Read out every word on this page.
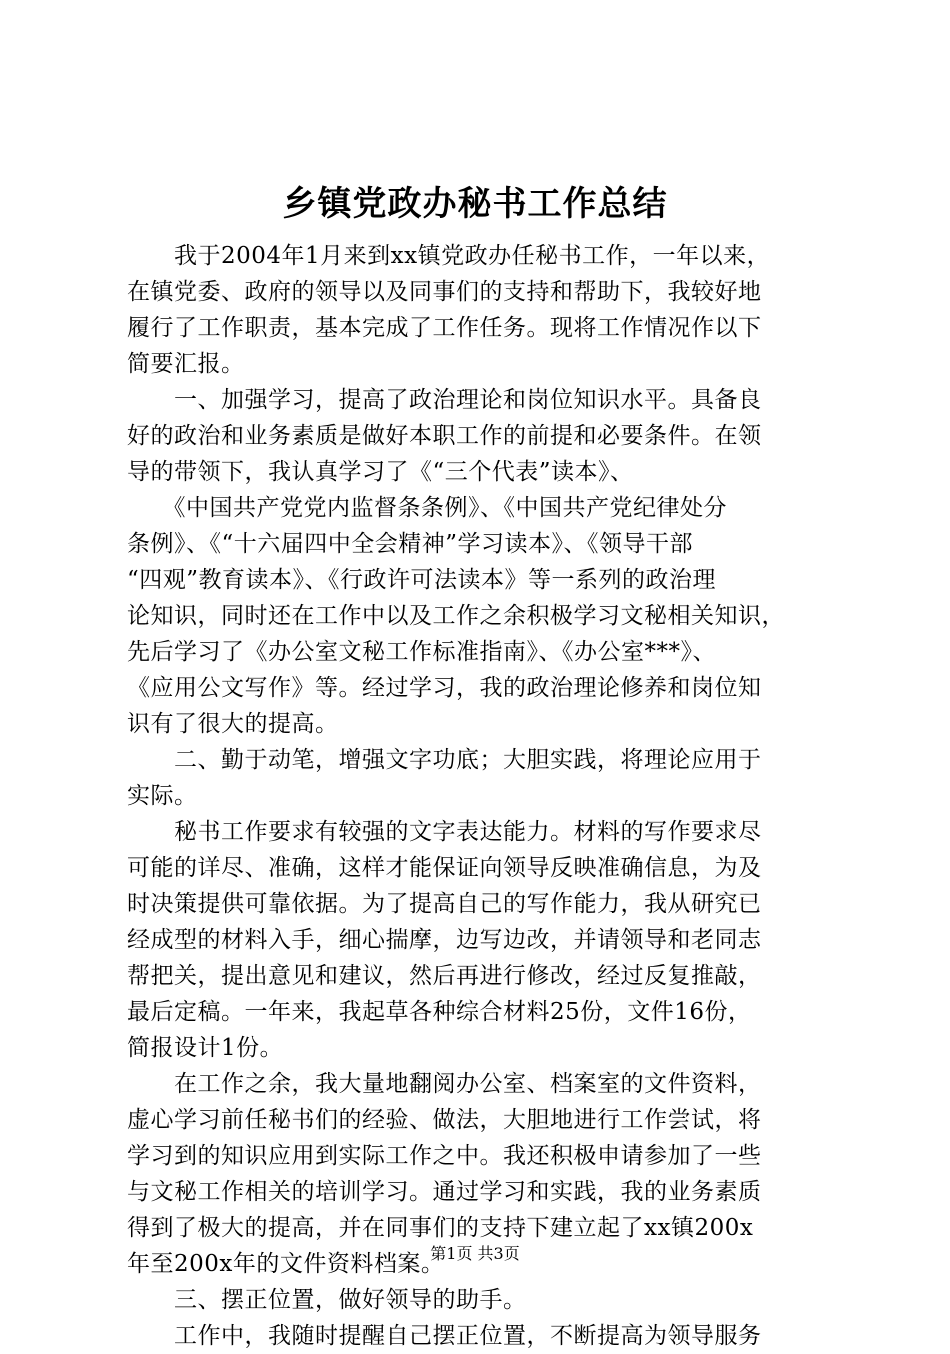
乡镇党政办秘书工作总结
　　我于2004年1月来到xx镇党政办任秘书工作，一年以来，
在镇党委、政府的领导以及同事们的支持和帮助下，我较好地
履行了工作职责，基本完成了工作任务。现将工作情况作以下
简要汇报。
　　一、加强学习，提高了政治理论和岗位知识水平。具备良
好的政治和业务素质是做好本职工作的前提和必要条件。在领
导的带领下，我认真学习了《“三个代表”读本》、
　　《中国共产党党内监督条条例》、《中国共产党纪律处分
条例》、《“十六届四中全会精神”学习读本》、《领导干部
“四观”教育读本》、《行政许可法读本》等一系列的政治理
论知识，同时还在工作中以及工作之余积极学习文秘相关知识，
先后学习了《办公室文秘工作标准指南》、《办公室***》、
《应用公文写作》等。经过学习，我的政治理论修养和岗位知
识有了很大的提高。
　　二、勤于动笔，增强文字功底；大胆实践，将理论应用于
实际。
　　秘书工作要求有较强的文字表达能力。材料的写作要求尽
可能的详尽、准确，这样才能保证向领导反映准确信息，为及
时决策提供可靠依据。为了提高自己的写作能力，我从研究已
经成型的材料入手，细心揣摩，边写边改，并请领导和老同志
帮把关，提出意见和建议，然后再进行修改，经过反复推敲，
最后定稿。一年来，我起草各种综合材料25份，文件16份，
简报设计1份。
　　在工作之余，我大量地翻阅办公室、档案室的文件资料，
虚心学习前任秘书们的经验、做法，大胆地进行工作尝试，将
学习到的知识应用到实际工作之中。我还积极申请参加了一些
与文秘工作相关的培训学习。通过学习和实践，我的业务素质
得到了极大的提高，并在同事们的支持下建立起了xx镇200x
年至200x年的文件资料档案。
　　三、摆正位置，做好领导的助手。
　　工作中，我随时提醒自己摆正位置，不断提高为领导服务
第1页 共3页
